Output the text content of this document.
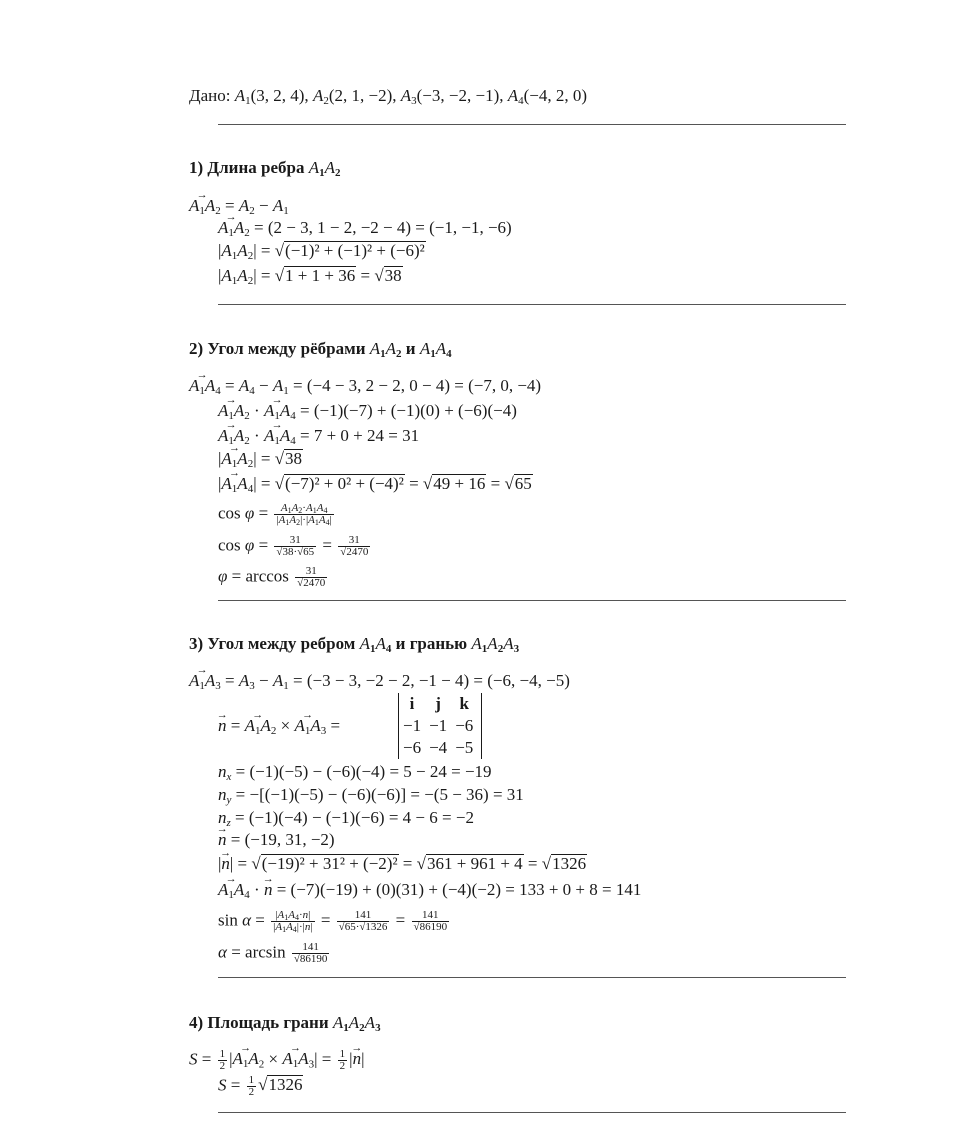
Дано: $A_1(3$, 2, 4), $A_2(2$, 1, −2), $A_3(-3$, −2, −1), $A_4(-4$, 2, 0)
1) Длина ребра $A_1A_2$
→ $A_1A_2 = A_2 - A_1$
→ $A_1A_2 = (2 - 3$, 1 − 2, −2 − 4) = (−1, −1, −6)
$|A_1A_2| = √(-1)^2 + (-1)^2 + (-6)^2$
$|A_1A_2| = √1 + 1 + 36 = √38$
2) Угол между рёбрами $A_1A_2$ и $A_1A_4$
→ $A_1A_4 = A_4 - A_1 = (-4 - 3$, 2 − 2, 0 − 4) = (−7, 0, −4)
→ $A_1A_2$ · → $A_1A_4 = (-1)(-7) + (-1)(0) + (-6)(-4)$
→ $A_1A_2$ · → $A_1A_4 = 7 + 0 + 24 = 31$
|→ $A_1A_2| = √38$
|→ $A_1A_4| = √(-7)^2 + 0^2 + (-4)^2 = √49 + 16 = √65$
$\cos \varphi = \frac{A_1A_2\cdot A_1A_4}{|A_1A_2|\cdot|A_1A_4|}$
$\cos \varphi = \frac{31}{√38\cdot√65} = \frac{31}{√2470}$
$\varphi = \arccos \frac{31}{√2470}$
3) Угол между ребром $A_1A_4$ и гранью $A_1A_2A_3$
→ $A_1A_3 = A_3 - A_1 = (-3 - 3$, −2 − 2, −1 − 4) = (−6, −4, −5)
→ n = → $A_1A_2$ × → $A_1A_3$ =
i	j	k
−1	−1	−6
−6	−4	−5
$n_x = (-1)(-5) - (-6)(-4) = 5 - 24 = -19$
$n_y = -[(-1)(-5) - (-6)(-6)] = -(5 - 36) = 31$
$n_z = (-1)(-4) - (-1)(-6) = 4 - 6 = -2$
→ n = (−19, 31, −2)
|→ n| = √(−19)² + 31² + (−2)² = √361 + 961 + 4 = √1326
→ $A_1A_4$ · → n = (−7)(−19) + (0)(31) + (−4)(−2) = 133 + 0 + 8 = 141
$\sin \alpha = \frac{|A_1A_4\cdot n|}{|A_1A_4|\cdot|n|} = \frac{141}{√65\cdot√1326} = \frac{141}{√86190}$
$\alpha = \arcsin \frac{141}{√86190}$
4) Площадь грани $A_1A_2A_3$
$S = \frac{1}{2}$ |→ $A_1A_2$ × → $A_1A_3| = \frac{1}{2}$ |→ n|
$S = \frac{1}{2} √1326$
